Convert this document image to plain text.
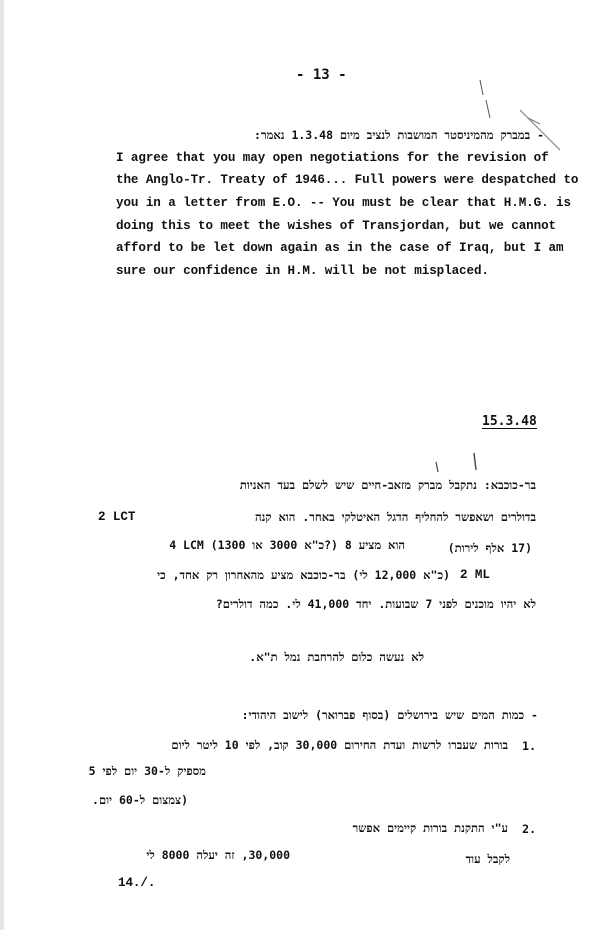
- 13 -
- במברק מהמיניסטר המושבות לנציב מיום 1.3.48 נאמר:
I agree that you may open negotiations for the revision of
the Anglo-Tr. Treaty of 1946... Full powers were despatched to
you in a letter from E.O. -- You must be clear that H.M.G. is
doing this to meet the wishes of Transjordan, but we cannot
afford to be let down again as in the case of Iraq, but I am
sure our confidence in H.M. will be not misplaced.
15.3.48
בר-כוכבא: נתקבל מברק מזאב-חיים שיש לשלם בעד האניות
בדולרים ושאפשר להחליף הדגל האיטלקי באחר. הוא קנה
2 LCT
(17 אלף לירות)
4 LCM (כ"א 3000 או 1300?) הוא מציע 8
2 ML
(כ"א 12,000 לי) בר-כוכבא מציע מהאחרון רק אחד, כי
לא יהיו מוכנים לפני 7 שבועות. יחד 41,000 לי. כמה דולרים?
לא נעשה כלום להרחבת נמל ת"א.
- כמות המים שיש בירושלים (בסוף פברואר) לישוב היהודי:
1.
בורות שעברו לרשות ועדת החירום 30,000 קוב, לפי 10 ליטר ליום
מספיק ל-30 יום לפי 5
(צמצום ל-60 יום.
2.
ע"י התקנת בורות קיימים אפשר
לקבל עוד
30,000, זה יעלה 8000 לי
14./.
